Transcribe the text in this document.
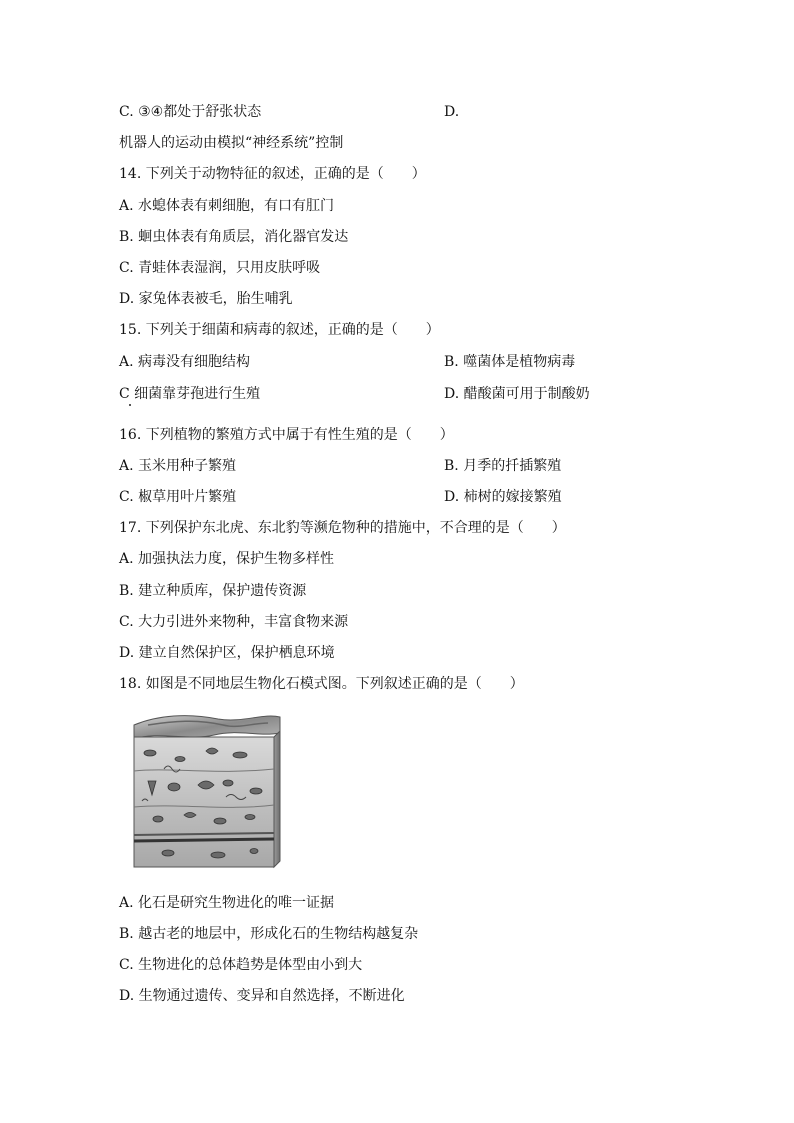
C. ③④都处于舒张状态	D.
机器人的运动由模拟“神经系统”控制
14. 下列关于动物特征的叙述，正确的是（　　）
A. 水螅体表有刺细胞，有口有肛门
B. 蛔虫体表有角质层，消化器官发达
C. 青蛙体表湿润，只用皮肤呼吸
D. 家兔体表被毛，胎生哺乳
15. 下列关于细菌和病毒的叙述，正确的是（　　）
A. 病毒没有细胞结构	B. 噬菌体是植物病毒
C 细菌靠芽孢进行生殖	D. 醋酸菌可用于制酸奶
16. 下列植物的繁殖方式中属于有性生殖的是（　　）
A. 玉米用种子繁殖	B. 月季的扦插繁殖
C. 椒草用叶片繁殖	D. 柿树的嫁接繁殖
17. 下列保护东北虎、东北豹等濒危物种的措施中，不合理的是（　　）
A. 加强执法力度，保护生物多样性
B. 建立种质库，保护遗传资源
C. 大力引进外来物种，丰富食物来源
D. 建立自然保护区，保护栖息环境
18. 如图是不同地层生物化石模式图。下列叙述正确的是（　　）
A. 化石是研究生物进化的唯一证据
B. 越古老的地层中，形成化石的生物结构越复杂
C. 生物进化的总体趋势是体型由小到大
D. 生物通过遗传、变异和自然选择，不断进化
